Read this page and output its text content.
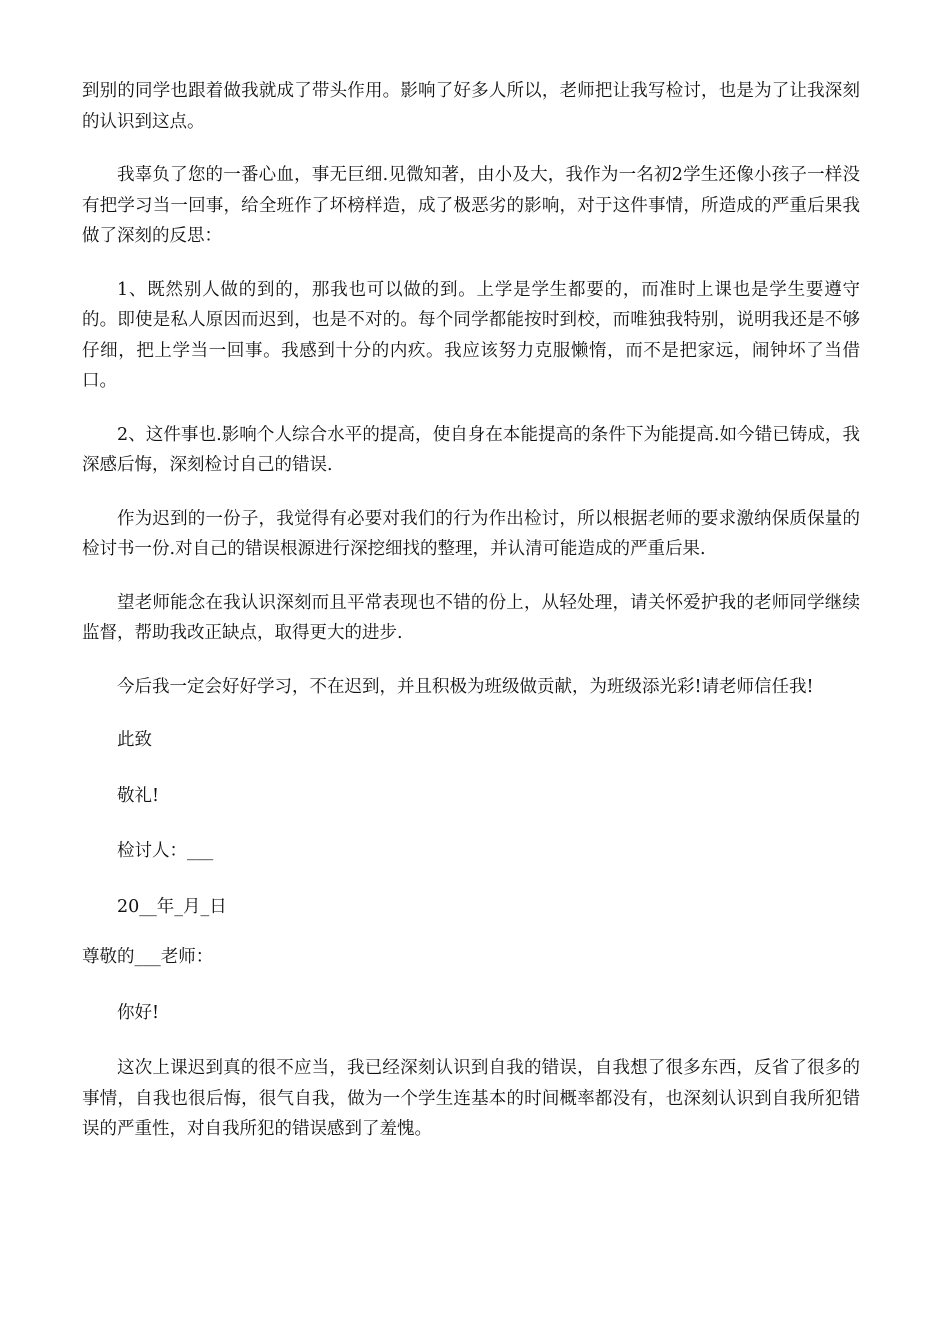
到别的同学也跟着做我就成了带头作用。影响了好多人所以，老师把让我写检讨，也是为了让我深刻的认识到这点。

我辜负了您的一番心血，事无巨细.见微知著，由小及大，我作为一名初2学生还像小孩子一样没有把学习当一回事，给全班作了坏榜样造，成了极恶劣的影响，对于这件事情，所造成的严重后果我做了深刻的反思：

1、既然别人做的到的，那我也可以做的到。上学是学生都要的，而准时上课也是学生要遵守的。即使是私人原因而迟到，也是不对的。每个同学都能按时到校，而唯独我特别，说明我还是不够仔细，把上学当一回事。我感到十分的内疚。我应该努力克服懒惰，而不是把家远，闹钟坏了当借口。

2、这件事也.影响个人综合水平的提高，使自身在本能提高的条件下为能提高.如今错已铸成，我深感后悔，深刻检讨自己的错误.

作为迟到的一份子，我觉得有必要对我们的行为作出检讨，所以根据老师的要求激纳保质保量的检讨书一份.对自己的错误根源进行深挖细找的整理，并认清可能造成的严重后果.

望老师能念在我认识深刻而且平常表现也不错的份上，从轻处理，请关怀爱护我的老师同学继续监督，帮助我改正缺点，取得更大的进步.

今后我一定会好好学习，不在迟到，并且积极为班级做贡献，为班级添光彩!请老师信任我!

此致

敬礼!

检讨人：___

20__年_月_日

尊敬的___老师：

你好!

这次上课迟到真的很不应当，我已经深刻认识到自我的错误，自我想了很多东西，反省了很多的事情，自我也很后悔，很气自我，做为一个学生连基本的时间概率都没有，也深刻认识到自我所犯错误的严重性，对自我所犯的错误感到了羞愧。
